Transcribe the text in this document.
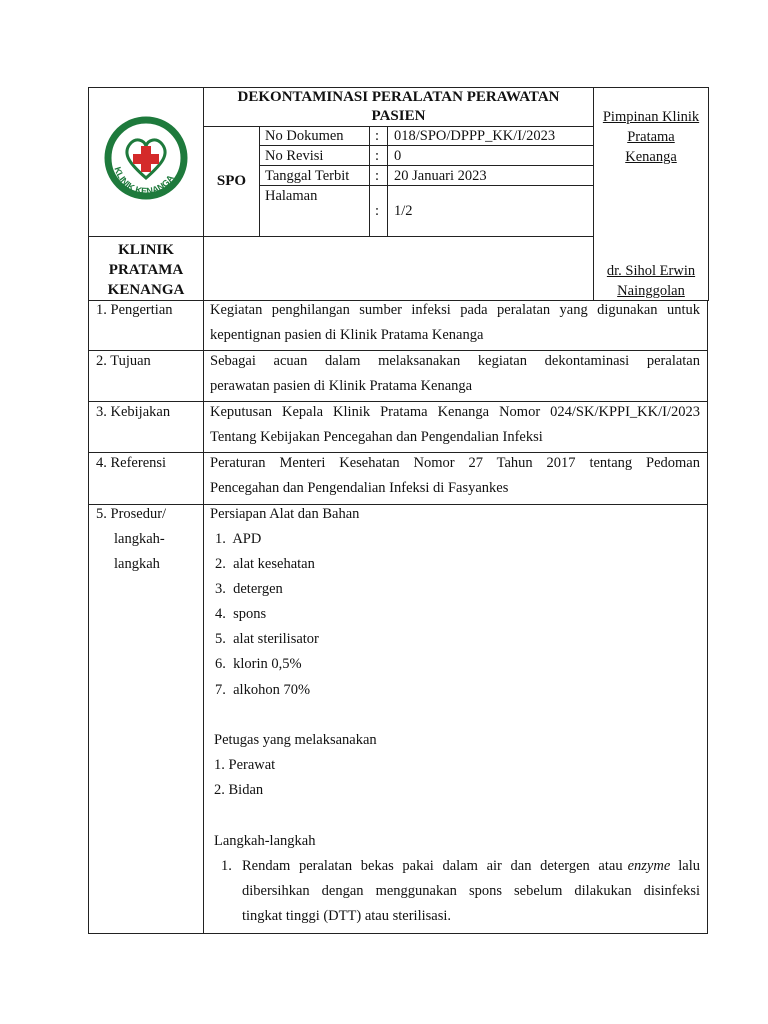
KLINIK KENANGA
KLINIK
PRATAMA
KENANGA
DEKONTAMINASI PERALATAN PERAWATAN
PASIEN
SPO
No Dokumen : 018/SPO/DPPP_KK/I/2023
No Revisi	: 0
Tanggal Terbit : 20 Januari 2023
Halaman
: 1/2
Pimpinan Klinik
Pratama
Kenanga
dr. Sihol Erwin
Nainggolan
1. Pengertian	Kegiatan penghilangan sumber infeksi pada peralatan yang digunakan untuk
kepentignan pasien di Klinik Pratama Kenanga
2. Tujuan	Sebagai acuan dalam melaksanakan kegiatan dekontaminasi peralatan
perawatan pasien di Klinik Pratama Kenanga
3. Kebijakan	Keputusan Kepala Klinik Pratama Kenanga Nomor 024/SK/KPPI_KK/I/2023
Tentang Kebijakan Pencegahan dan Pengendalian Infeksi
4. Referensi	Peraturan Menteri Kesehatan Nomor 27 Tahun 2017 tentang Pedoman
Pencegahan dan Pengendalian Infeksi di Fasyankes
5. Prosedur/
langkah-
langkah
Persiapan Alat dan Bahan
1.  APD
2.  alat kesehatan
3.  detergen
4.  spons
5.  alat sterilisator
6.  klorin 0,5%
7.  alkohon 70%
Petugas yang melaksanakan
1. Perawat
2. Bidan
Langkah-langkah
1. Rendam peralatan bekas pakai dalam air dan detergen atau enzyme lalu
dibersihkan dengan menggunakan spons sebelum dilakukan disinfeksi
tingkat tinggi (DTT) atau sterilisasi.
